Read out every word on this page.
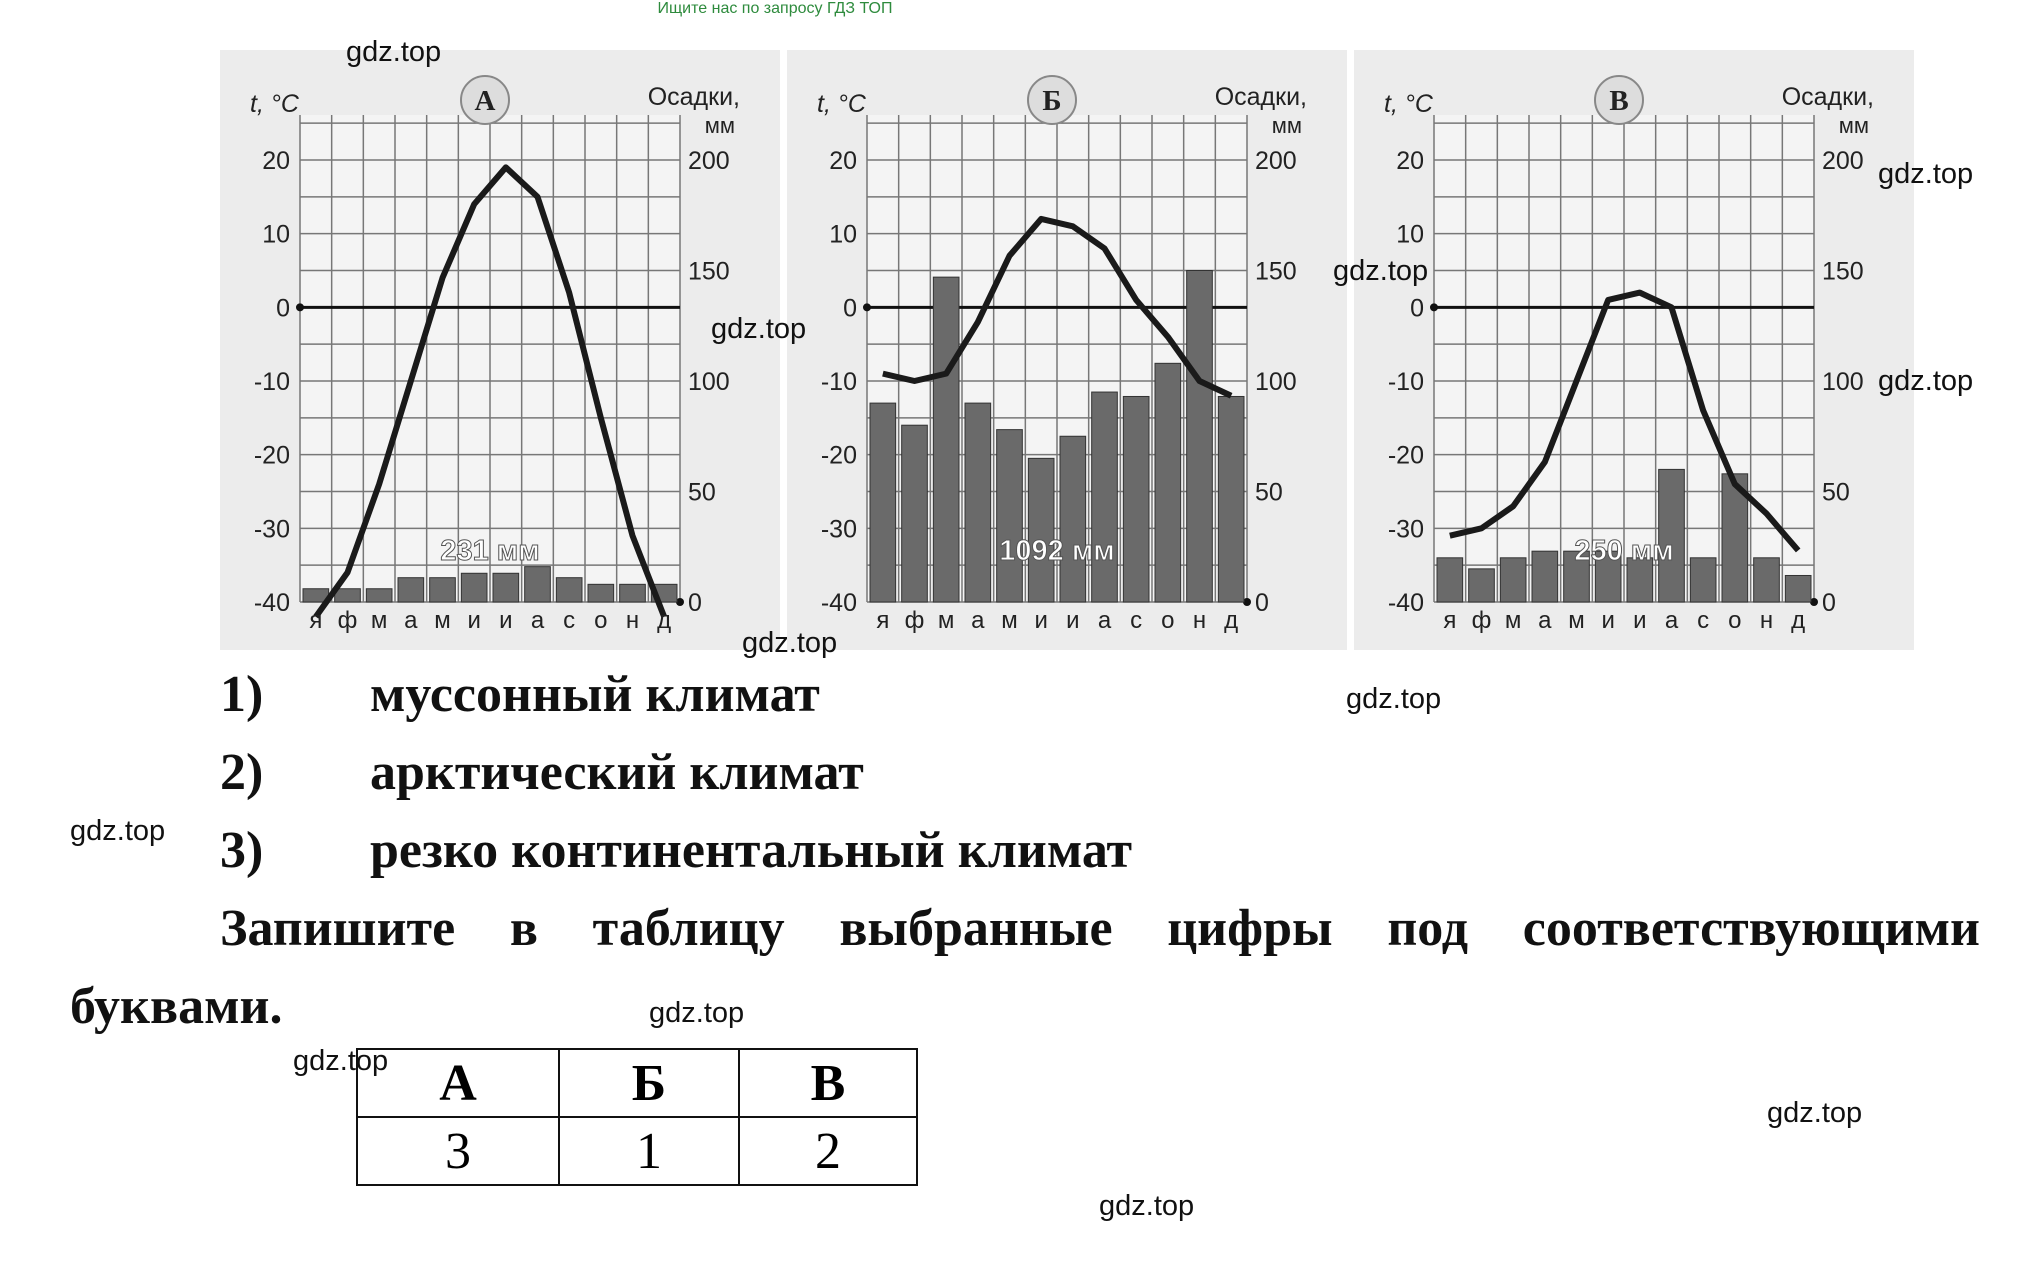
Ищите нас по запросу ГДЗ ТОП
20
10
0
-10
-20
-30
-40
200
150
100
50
0
я ф м а м и и а с о н д
t, °C	Осадки,
мм
А
231 мм
20
10
0
-10
-20
-30
-40
200
150
100
50
0
я ф м а м и и а с о н д
t, °C	Осадки,
мм
Б
1092 мм
20
10
0
-10
-20
-30
-40
200
150
100
50
0
я ф м а м и и а с о н д
t, °C	Осадки,
мм
В
250 мм
1) муссонный климат
2) арктический климат
3) резко континентальный климат
Запишите в таблицу выбранные цифры под соответствующими
буквами.
А	Б	В
3	1	2
gdz.top
gdz.top
gdz.top
gdz.top
gdz.top
gdz.top
gdz.top
gdz.top
gdz.top
gdz.top
gdz.top
gdz.top
